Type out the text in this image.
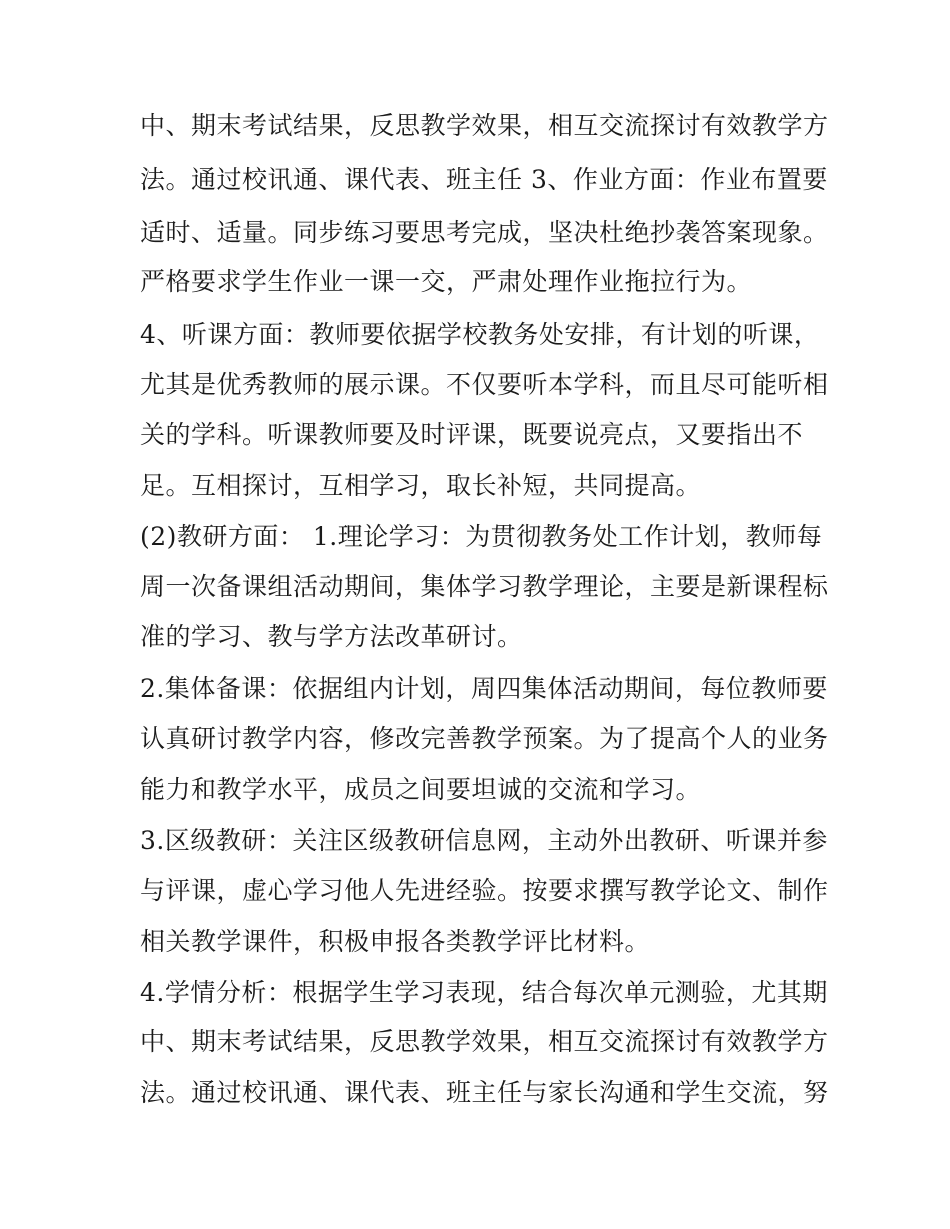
中、期末考试结果，反思教学效果，相互交流探讨有效教学方
法。通过校讯通、课代表、班主任 3、作业方面：作业布置要
适时、适量。同步练习要思考完成，坚决杜绝抄袭答案现象。
严格要求学生作业一课一交，严肃处理作业拖拉行为。
4、听课方面：教师要依据学校教务处安排，有计划的听课，
尤其是优秀教师的展示课。不仅要听本学科，而且尽可能听相
关的学科。听课教师要及时评课，既要说亮点，又要指出不
足。互相探讨，互相学习，取长补短，共同提高。
(2)教研方面： 1.理论学习：为贯彻教务处工作计划，教师每
周一次备课组活动期间，集体学习教学理论，主要是新课程标
准的学习、教与学方法改革研讨。
2.集体备课：依据组内计划，周四集体活动期间，每位教师要
认真研讨教学内容，修改完善教学预案。为了提高个人的业务
能力和教学水平，成员之间要坦诚的交流和学习。
3.区级教研：关注区级教研信息网，主动外出教研、听课并参
与评课，虚心学习他人先进经验。按要求撰写教学论文、制作
相关教学课件，积极申报各类教学评比材料。
4.学情分析：根据学生学习表现，结合每次单元测验，尤其期
中、期末考试结果，反思教学效果，相互交流探讨有效教学方
法。通过校讯通、课代表、班主任与家长沟通和学生交流，努
